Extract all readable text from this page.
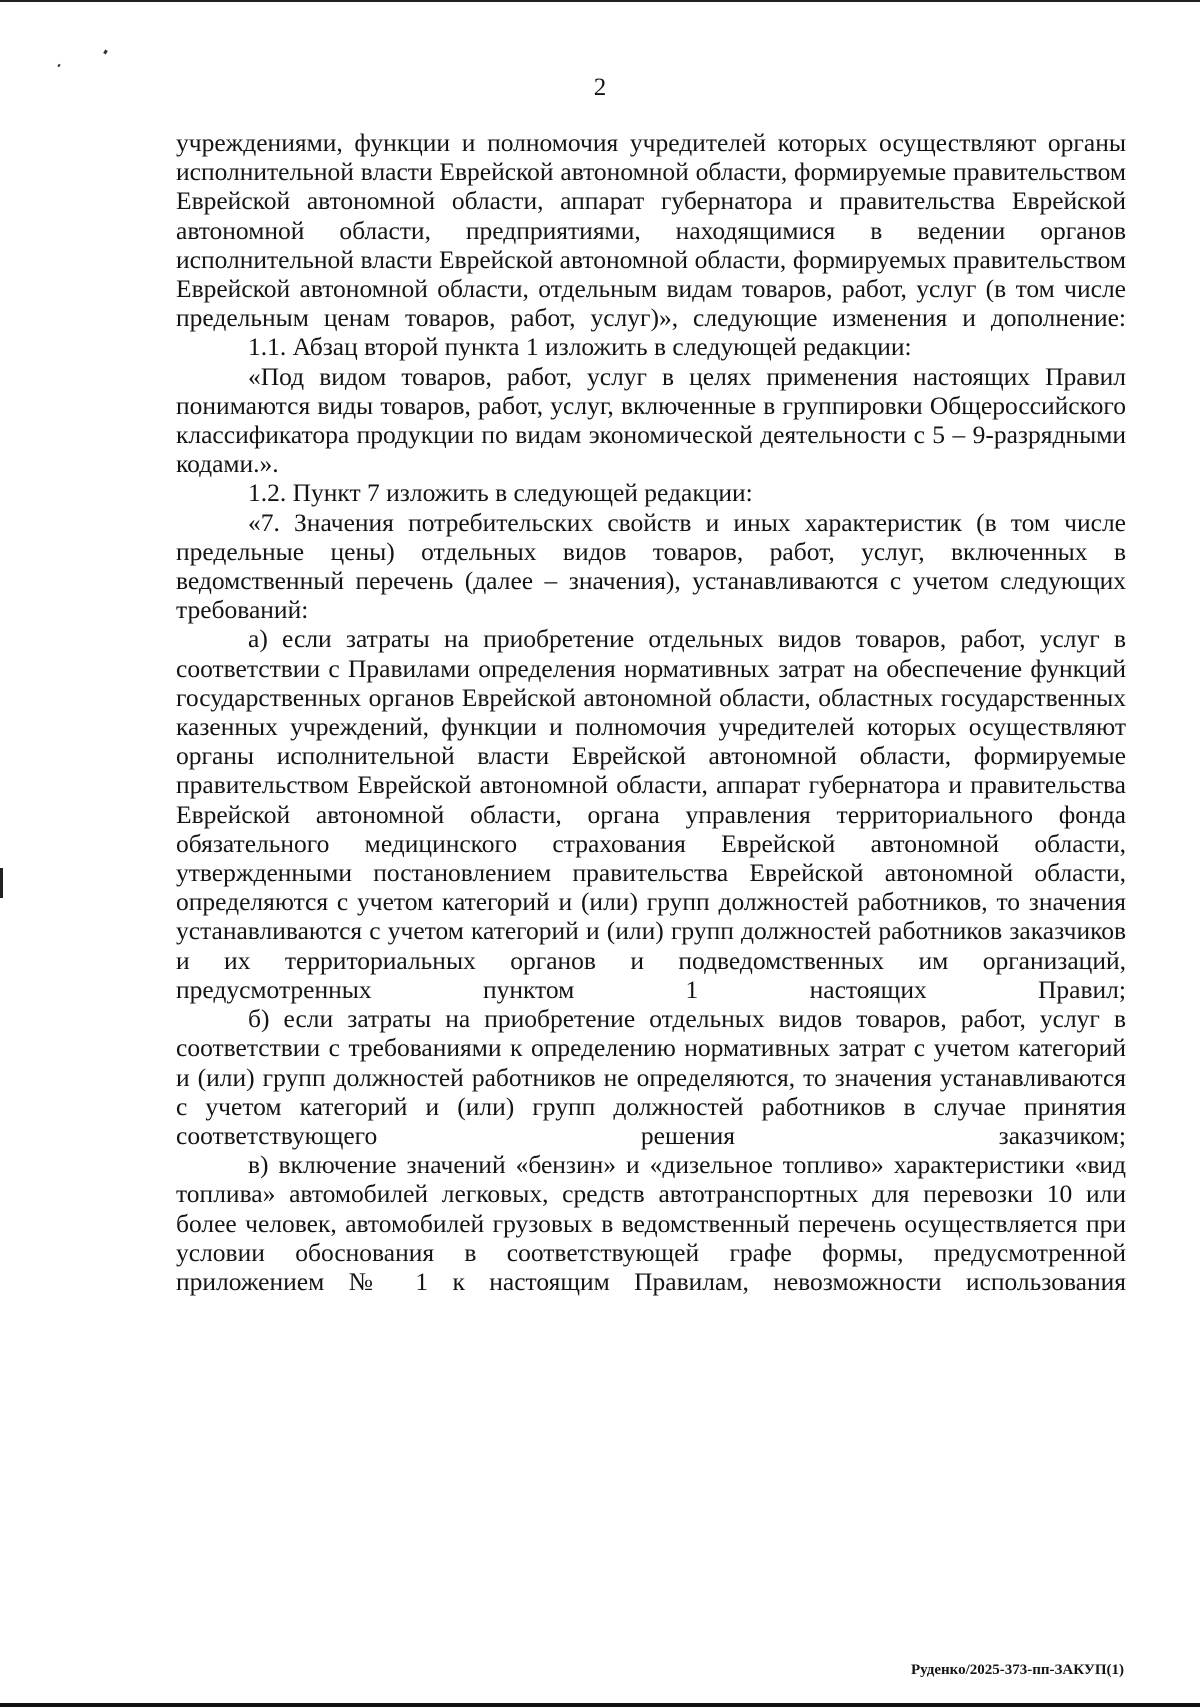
2

учреждениями, функции и полномочия учредителей которых осуществляют органы исполнительной власти Еврейской автономной области, формируемые правительством Еврейской автономной области, аппарат губернатора и правительства Еврейской автономной области, предприятиями, находящимися в ведении органов исполнительной власти Еврейской автономной области, формируемых правительством Еврейской автономной области, отдельным видам товаров, работ, услуг (в том числе предельным ценам товаров, работ, услуг)», следующие изменения и дополнение:

1.1. Абзац второй пункта 1 изложить в следующей редакции:

«Под видом товаров, работ, услуг в целях применения настоящих Правил понимаются виды товаров, работ, услуг, включенные в группировки Общероссийского классификатора продукции по видам экономической деятельности с 5 – 9-разрядными кодами.».

1.2. Пункт 7 изложить в следующей редакции:

«7. Значения потребительских свойств и иных характеристик (в том числе предельные цены) отдельных видов товаров, работ, услуг, включенных в ведомственный перечень (далее – значения), устанавливаются с учетом следующих требований:

а) если затраты на приобретение отдельных видов товаров, работ, услуг в соответствии с Правилами определения нормативных затрат на обеспечение функций государственных органов Еврейской автономной области, областных государственных казенных учреждений, функции и полномочия учредителей которых осуществляют органы исполнительной власти Еврейской автономной области, формируемые правительством Еврейской автономной области, аппарат губернатора и правительства Еврейской автономной области, органа управления территориального фонда обязательного медицинского страхования Еврейской автономной области, утвержденными постановлением правительства Еврейской автономной области, определяются с учетом категорий и (или) групп должностей работников, то значения устанавливаются с учетом категорий и (или) групп должностей работников заказчиков и их территориальных органов и подведомственных им организаций, предусмотренных пунктом 1 настоящих Правил;

б) если затраты на приобретение отдельных видов товаров, работ, услуг в соответствии с требованиями к определению нормативных затрат с учетом категорий и (или) групп должностей работников не определяются, то значения устанавливаются с учетом категорий и (или) групп должностей работников в случае принятия соответствующего решения заказчиком;

в) включение значений «бензин» и «дизельное топливо» характеристики «вид топлива» автомобилей легковых, средств автотранспортных для перевозки 10 или более человек, автомобилей грузовых в ведомственный перечень осуществляется при условии обоснования в соответствующей графе формы, предусмотренной приложением № 1 к настоящим Правилам, невозможности использования

Руденко/2025-373-пп-ЗАКУП(1)
